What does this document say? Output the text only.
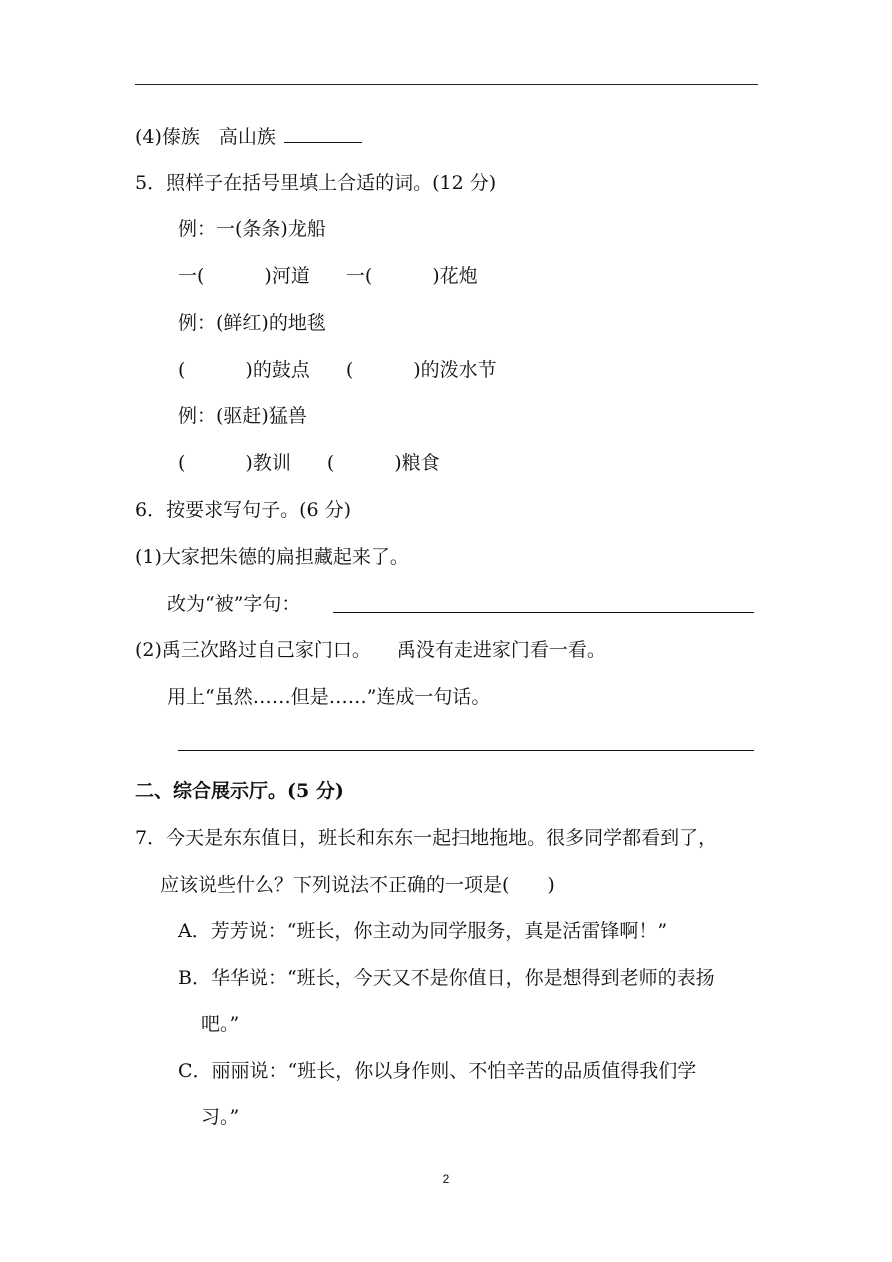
(4)傣族　高山族
5．照样子在括号里填上合适的词。(12 分)
例：一(条条)龙船
一(	)河道 一(	)花炮
例：(鲜红)的地毯
(	)的鼓点 (	)的泼水节
例：(驱赶)猛兽
(	)教训 (	)粮食
6．按要求写句子。(6 分)
(1)大家把朱德的扁担藏起来了。
改为“被”字句：
(2)禹三次路过自己家门口。 禹没有走进家门看一看。
用上“虽然……但是……”连成一句话。
二、综合展示厅。(5 分)
7．今天是东东值日，班长和东东一起扫地拖地。很多同学都看到了，
应该说些什么？下列说法不正确的一项是(　　)
A．芳芳说：“班长，你主动为同学服务，真是活雷锋啊！”
B．华华说：“班长，今天又不是你值日，你是想得到老师的表扬
吧。”
C．丽丽说：“班长，你以身作则、不怕辛苦的品质值得我们学
习。”
2
